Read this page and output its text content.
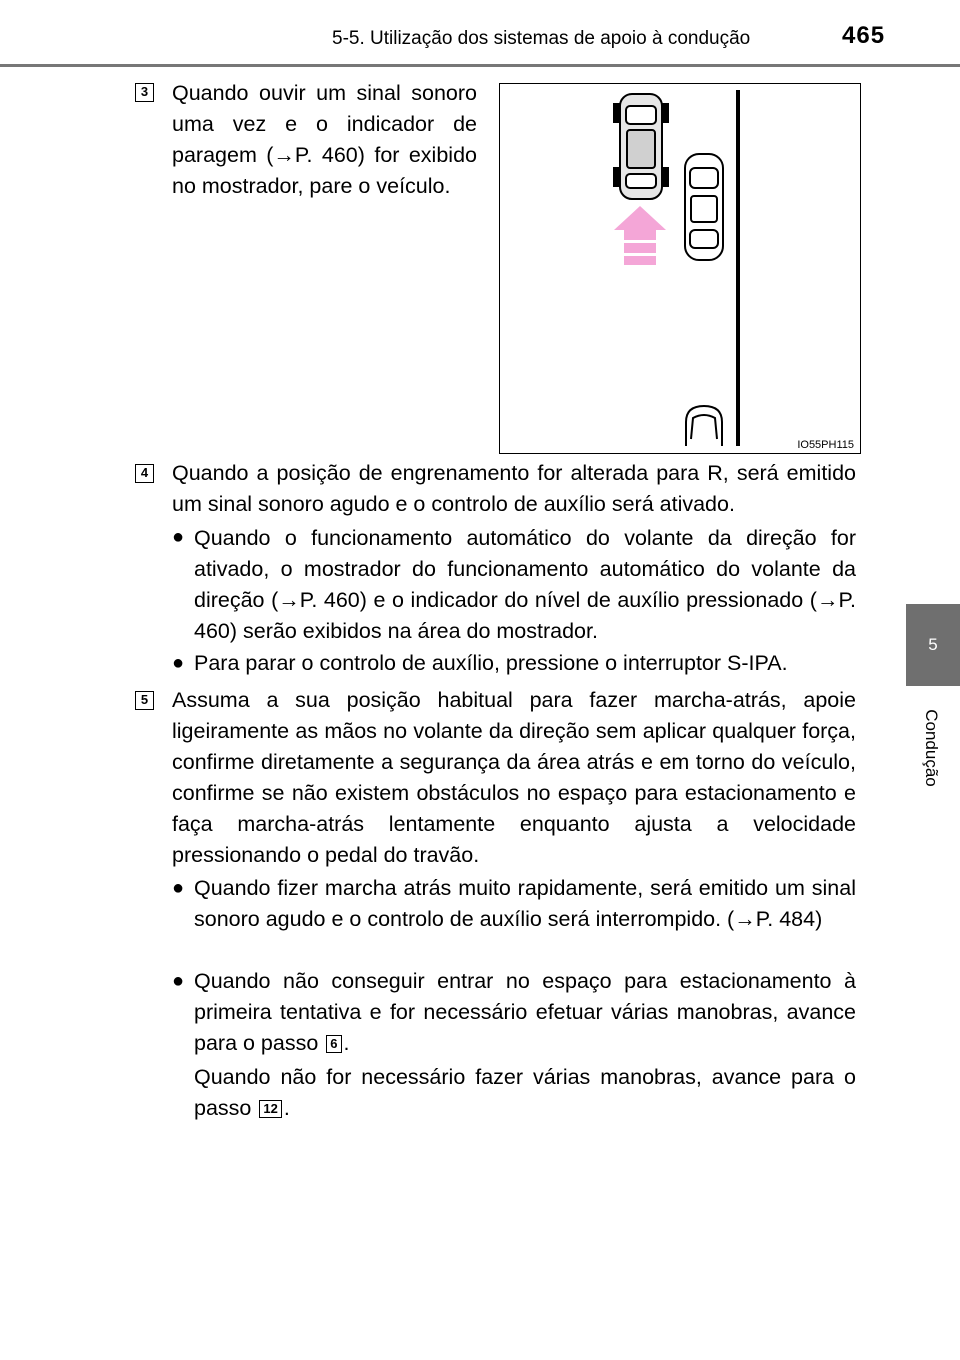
5-5. Utilização dos sistemas de apoio à condução	465
5
Condução
3 Quando ouvir um sinal sonoro uma vez e o indicador de paragem (→P. 460) for exibido no mostrador, pare o veículo.
IO55PH115
4 Quando a posição de engrenamento for alterada para R, será emitido um sinal sonoro agudo e o controlo de auxílio será ativado.
● Quando o funcionamento automático do volante da direção for ativado, o mostrador do funcionamento automático do volante da direção (→P. 460) e o indicador do nível de auxílio pressionado (→P. 460) serão exibidos na área do mostrador.
● Para parar o controlo de auxílio, pressione o interruptor S-IPA.
5 Assuma a sua posição habitual para fazer marcha-atrás, apoie ligeiramente as mãos no volante da direção sem aplicar qualquer força, confirme diretamente a segurança da área atrás e em torno do veículo, confirme se não existem obstáculos no espaço para estacionamento e faça marcha-atrás lentamente enquanto ajusta a velocidade pressionando o pedal do travão.
● Quando fizer marcha atrás muito rapidamente, será emitido um sinal sonoro agudo e o controlo de auxílio será interrompido. (→P. 484)
● Quando não conseguir entrar no espaço para estacionamento à primeira tentativa e for necessário efetuar várias manobras, avance para o passo 6 .
Quando não for necessário fazer várias manobras, avance para o passo 12 .
